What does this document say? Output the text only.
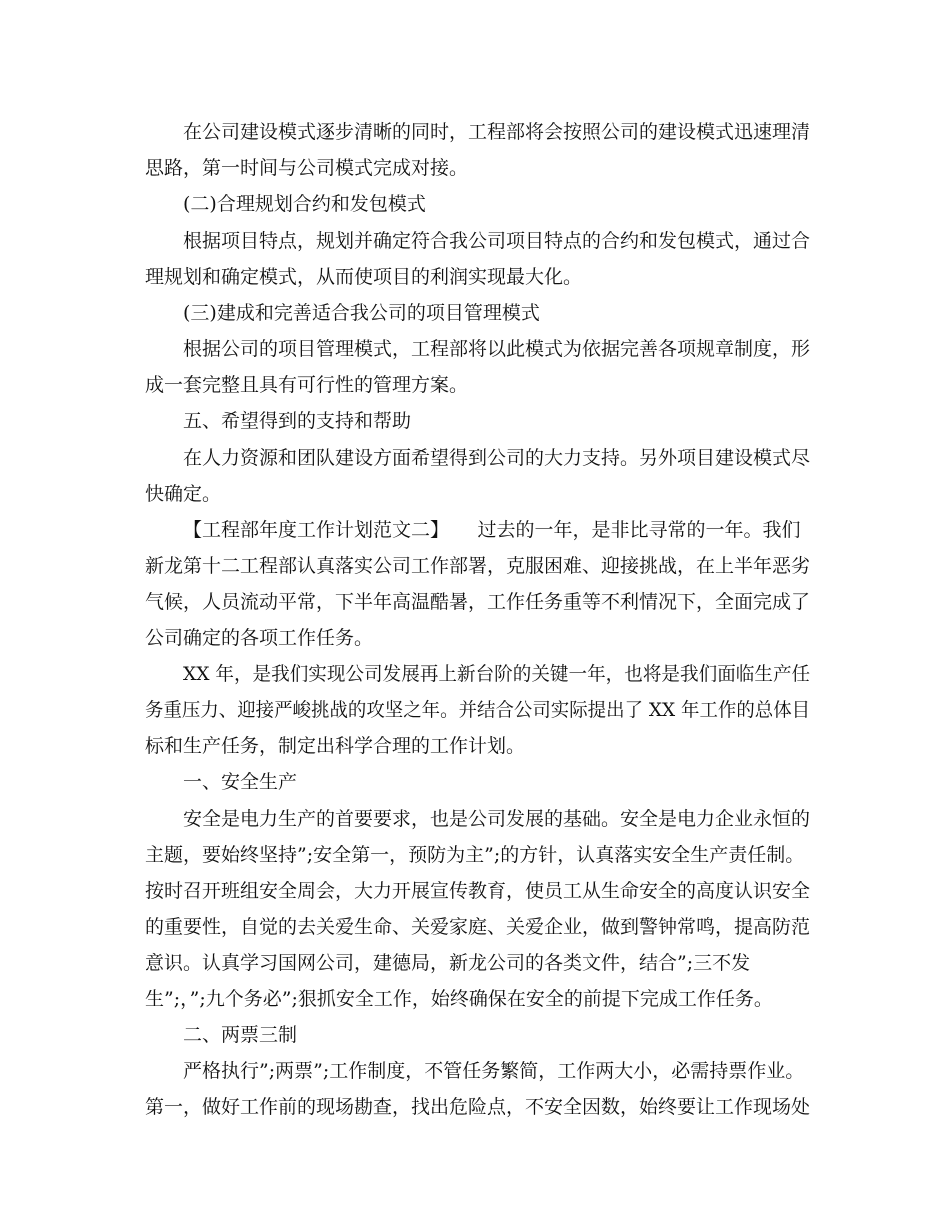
在公司建设模式逐步清晰的同时，工程部将会按照公司的建设模式迅速理清

思路，第一时间与公司模式完成对接。

(二)合理规划合约和发包模式

根据项目特点，规划并确定符合我公司项目特点的合约和发包模式，通过合

理规划和确定模式，从而使项目的利润实现最大化。

(三)建成和完善适合我公司的项目管理模式

根据公司的项目管理模式，工程部将以此模式为依据完善各项规章制度，形

成一套完整且具有可行性的管理方案。

五、希望得到的支持和帮助

在人力资源和团队建设方面希望得到公司的大力支持。另外项目建设模式尽

快确定。

【工程部年度工作计划范文二】　　过去的一年，是非比寻常的一年。我们

新龙第十二工程部认真落实公司工作部署，克服困难、迎接挑战，在上半年恶劣

气候，人员流动平常，下半年高温酷暑，工作任务重等不利情况下，全面完成了

公司确定的各项工作任务。

XX 年，是我们实现公司发展再上新台阶的关键一年，也将是我们面临生产任

务重压力、迎接严峻挑战的攻坚之年。并结合公司实际提出了 XX 年工作的总体目

标和生产任务，制定出科学合理的工作计划。

一、安全生产

安全是电力生产的首要要求，也是公司发展的基础。安全是电力企业永恒的

主题，要始终坚持”;安全第一，预防为主”;的方针，认真落实安全生产责任制。

按时召开班组安全周会，大力开展宣传教育，使员工从生命安全的高度认识安全

的重要性，自觉的去关爱生命、关爱家庭、关爱企业，做到警钟常鸣，提高防范

意识。认真学习国网公司，建德局，新龙公司的各类文件，结合”;三不发

生”;，”;九个务必”;狠抓安全工作，始终确保在安全的前提下完成工作任务。

二、两票三制

严格执行”;两票”;工作制度，不管任务繁简，工作两大小，必需持票作业。

第一，做好工作前的现场勘查，找出危险点，不安全因数，始终要让工作现场处
